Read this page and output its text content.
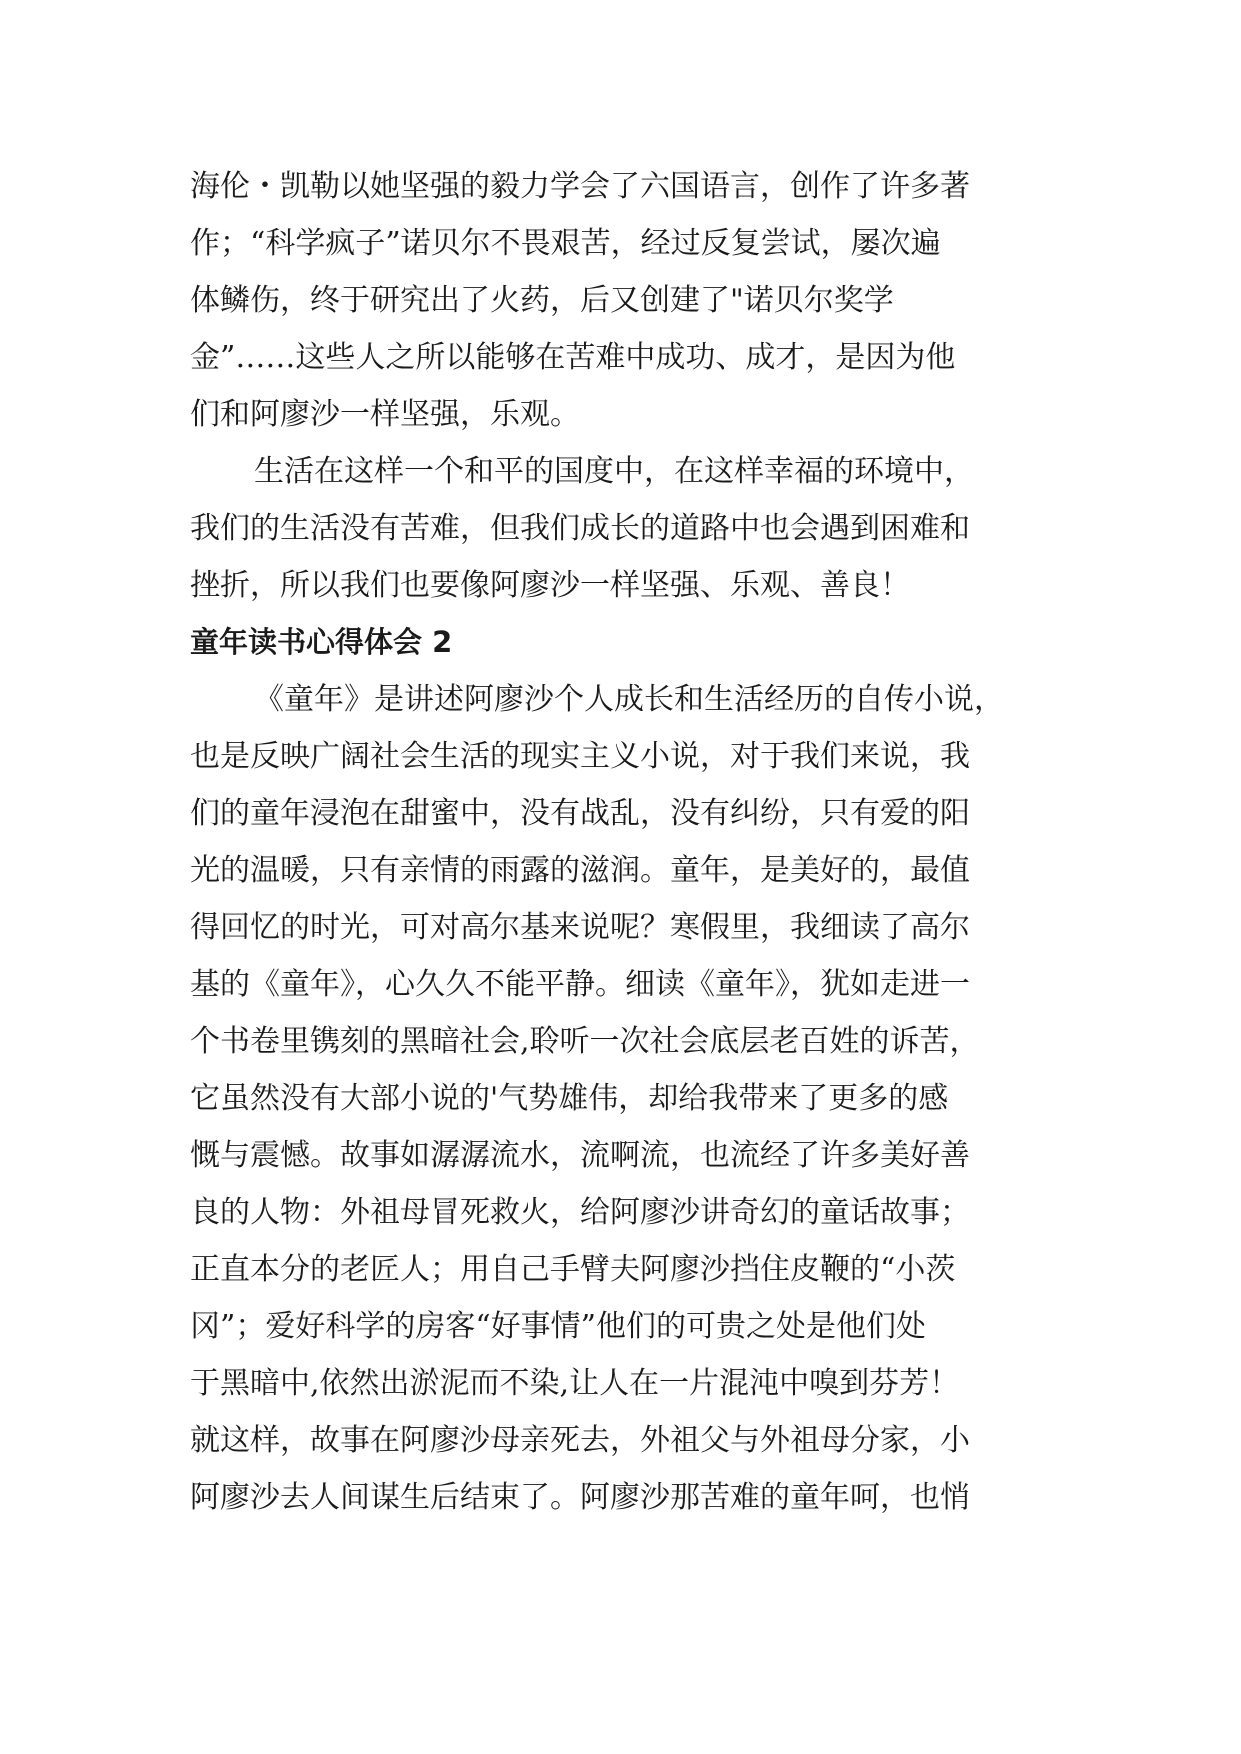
海伦・凯勒以她坚强的毅力学会了六国语言，创作了许多著

作；“科学疯子”诺贝尔不畏艰苦，经过反复尝试，屡次遍

体鳞伤，终于研究出了火药，后又创建了"诺贝尔奖学

金”……这些人之所以能够在苦难中成功、成才，是因为他

们和阿廖沙一样坚强，乐观。

生活在这样一个和平的国度中，在这样幸福的环境中，

我们的生活没有苦难，但我们成长的道路中也会遇到困难和

挫折，所以我们也要像阿廖沙一样坚强、乐观、善良！

童年读书心得体会 2

《童年》是讲述阿廖沙个人成长和生活经历的自传小说，

也是反映广阔社会生活的现实主义小说，对于我们来说，我

们的童年浸泡在甜蜜中，没有战乱，没有纠纷，只有爱的阳

光的温暖，只有亲情的雨露的滋润。童年，是美好的，最值

得回忆的时光，可对高尔基来说呢？寒假里，我细读了高尔

基的《童年》，心久久不能平静。细读《童年》，犹如走进一

个书卷里镌刻的黑暗社会,聆听一次社会底层老百姓的诉苦，

它虽然没有大部小说的'气势雄伟，却给我带来了更多的感

慨与震憾。故事如潺潺流水，流啊流，也流经了许多美好善

良的人物：外祖母冒死救火，给阿廖沙讲奇幻的童话故事；

正直本分的老匠人；用自己手臂夫阿廖沙挡住皮鞭的“小茨

冈”；爱好科学的房客“好事情”他们的可贵之处是他们处

于黑暗中,依然出淤泥而不染,让人在一片混沌中嗅到芬芳！

就这样，故事在阿廖沙母亲死去，外祖父与外祖母分家，小

阿廖沙去人间谋生后结束了。阿廖沙那苦难的童年呵，也悄
